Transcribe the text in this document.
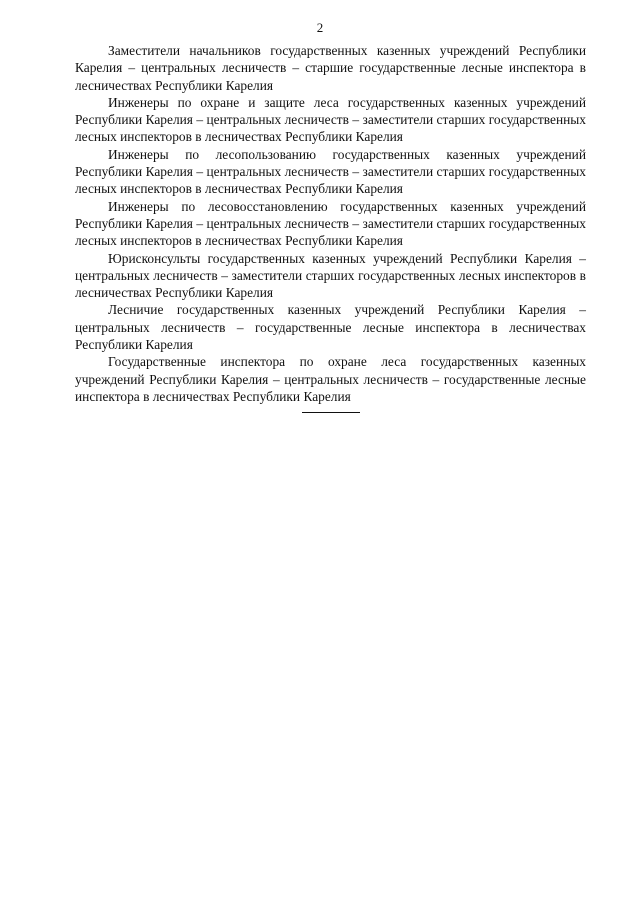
2

Заместители начальников государственных казенных учреждений Республики Карелия – центральных лесничеств – старшие государственные лесные инспектора в лесничествах Республики Карелия

Инженеры по охране и защите леса государственных казенных учреждений Республики Карелия – центральных лесничеств – заместители старших государственных лесных инспекторов в лесничествах Республики Карелия

Инженеры по лесопользованию государственных казенных учреждений Республики Карелия – центральных лесничеств – заместители старших государственных лесных инспекторов в лесничествах Республики Карелия

Инженеры по лесовосстановлению государственных казенных учреждений Республики Карелия – центральных лесничеств – заместители старших государственных лесных инспекторов в лесничествах Республики Карелия

Юрисконсульты государственных казенных учреждений Республики Карелия – центральных лесничеств – заместители старших государственных лесных инспекторов в лесничествах Республики Карелия

Лесничие государственных казенных учреждений Республики Карелия – центральных лесничеств – государственные лесные инспектора в лесничествах Республики Карелия

Государственные инспектора по охране леса государственных казенных учреждений Республики Карелия – центральных лесничеств – государственные лесные инспектора в лесничествах Республики Карелия
